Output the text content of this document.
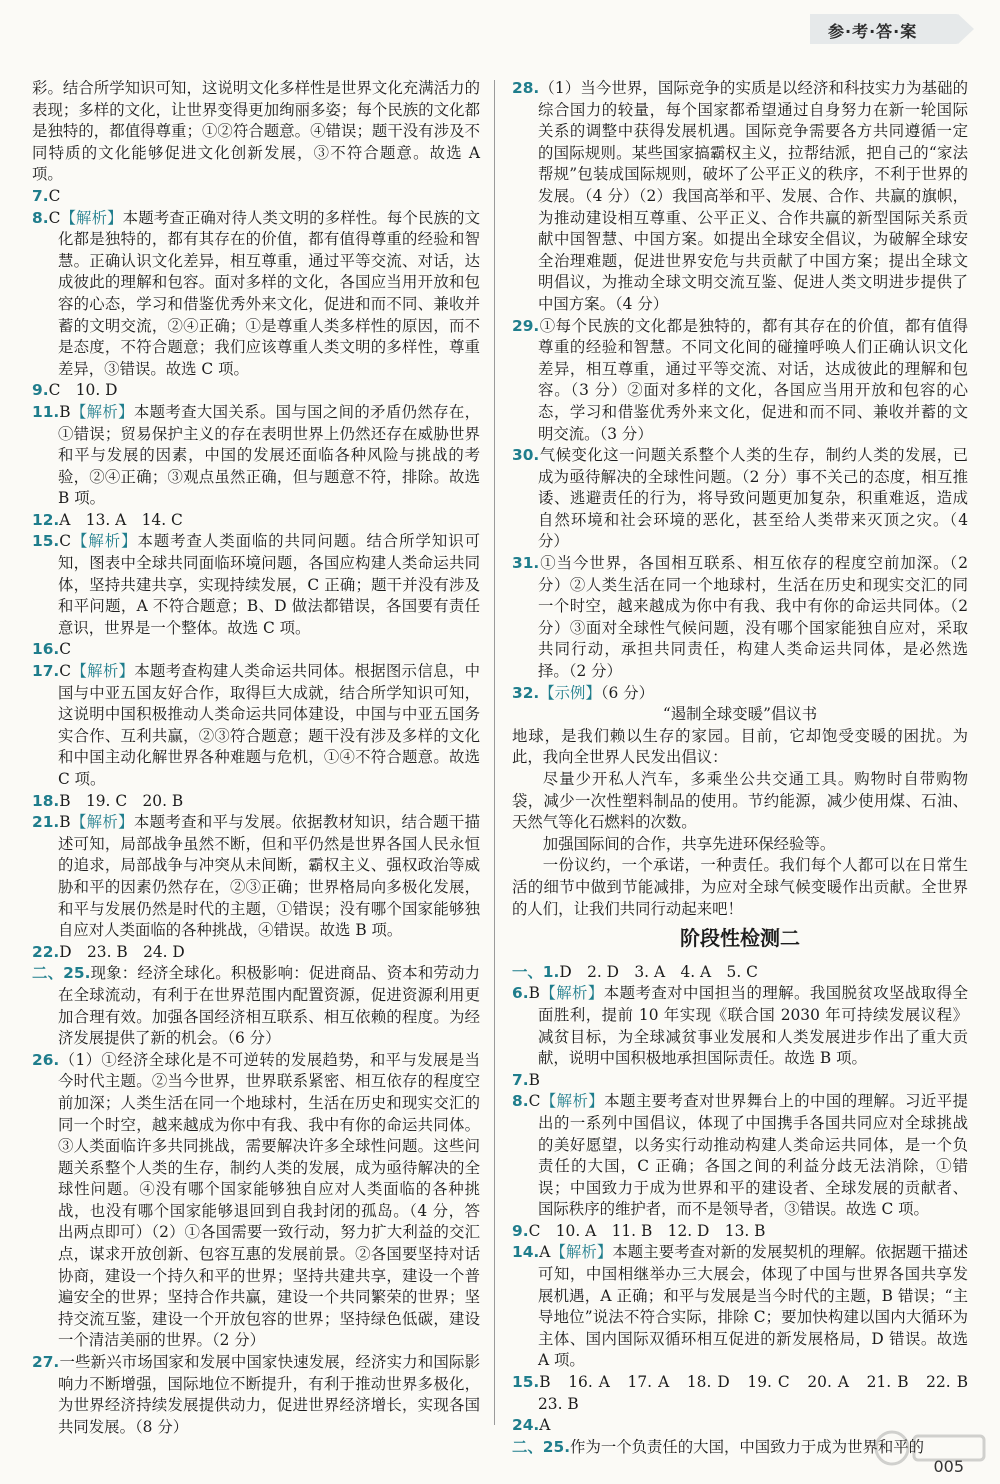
参·考·答·案

彩。结合所学知识可知，这说明文化多样性是世界文化充满活力的表现；多样的文化，让世界变得更加绚丽多姿；每个民族的文化都是独特的，都值得尊重；①②符合题意。④错误；题干没有涉及不同特质的文化能够促进文化创新发展，③不符合题意。故选 A 项。

7.C

8.C【解析】本题考查正确对待人类文明的多样性。每个民族的文化都是独特的，都有其存在的价值，都有值得尊重的经验和智慧。正确认识文化差异，相互尊重，通过平等交流、对话，达成彼此的理解和包容。面对多样的文化，各国应当用开放和包容的心态，学习和借鉴优秀外来文化，促进和而不同、兼收并蓄的文明交流，②④正确；①是尊重人类多样性的原因，而不是态度，不符合题意；我们应该尊重人类文明的多样性，尊重差异，③错误。故选 C 项。

9.C　10. D

11.B【解析】本题考查大国关系。国与国之间的矛盾仍然存在，①错误；贸易保护主义的存在表明世界上仍然还存在威胁世界和平与发展的因素，中国的发展还面临各种风险与挑战的考验，②④正确；③观点虽然正确，但与题意不符，排除。故选 B 项。

12.A　13. A　14. C

15.C【解析】本题考查人类面临的共同问题。结合所学知识可知，图表中全球共同面临环境问题，各国应构建人类命运共同体，坚持共建共享，实现持续发展，C 正确；题干并没有涉及和平问题，A 不符合题意；B、D 做法都错误，各国要有责任意识，世界是一个整体。故选 C 项。

16.C

17.C【解析】本题考查构建人类命运共同体。根据图示信息，中国与中亚五国友好合作，取得巨大成就，结合所学知识可知，这说明中国积极推动人类命运共同体建设，中国与中亚五国务实合作、互利共赢，②③符合题意；题干没有涉及多样的文化和中国主动化解世界各种难题与危机，①④不符合题意。故选 C 项。

18.B　19. C　20. B

21.B【解析】本题考查和平与发展。依据教材知识，结合题干描述可知，局部战争虽然不断，但和平仍然是世界各国人民永恒的追求，局部战争与冲突从未间断，霸权主义、强权政治等威胁和平的因素仍然存在，②③正确；世界格局向多极化发展，和平与发展仍然是时代的主题，①错误；没有哪个国家能够独自应对人类面临的各种挑战，④错误。故选 B 项。

22.D　23. B　24. D

二、25.现象：经济全球化。积极影响：促进商品、资本和劳动力在全球流动，有利于在世界范围内配置资源，促进资源利用更加合理有效。加强各国经济相互联系、相互依赖的程度。为经济发展提供了新的机会。（6 分）

26.（1）①经济全球化是不可逆转的发展趋势，和平与发展是当今时代主题。②当今世界，世界联系紧密、相互依存的程度空前加深；人类生活在同一个地球村，生活在历史和现实交汇的同一个时空，越来越成为你中有我、我中有你的命运共同体。③人类面临许多共同挑战，需要解决许多全球性问题。这些问题关系整个人类的生存，制约人类的发展，成为亟待解决的全球性问题。④没有哪个国家能够独自应对人类面临的各种挑战，也没有哪个国家能够退回到自我封闭的孤岛。（4 分，答出两点即可）（2）①各国需要一致行动，努力扩大利益的交汇点，谋求开放创新、包容互惠的发展前景。②各国要坚持对话协商，建设一个持久和平的世界；坚持共建共享，建设一个普遍安全的世界；坚持合作共赢，建设一个共同繁荣的世界；坚持交流互鉴，建设一个开放包容的世界；坚持绿色低碳，建设一个清洁美丽的世界。（2 分）

27.一些新兴市场国家和发展中国家快速发展，经济实力和国际影响力不断增强，国际地位不断提升，有利于推动世界多极化，为世界经济持续发展提供动力，促进世界经济增长，实现各国共同发展。（8 分）

28.（1）当今世界，国际竞争的实质是以经济和科技实力为基础的综合国力的较量，每个国家都希望通过自身努力在新一轮国际关系的调整中获得发展机遇。国际竞争需要各方共同遵循一定的国际规则。某些国家搞霸权主义，拉帮结派，把自己的“家法帮规”包装成国际规则，破坏了公平正义的秩序，不利于世界的发展。（4 分）（2）我国高举和平、发展、合作、共赢的旗帜，为推动建设相互尊重、公平正义、合作共赢的新型国际关系贡献中国智慧、中国方案。如提出全球安全倡议，为破解全球安全治理难题，促进世界安危与共贡献了中国方案；提出全球文明倡议，为推动全球文明交流互鉴、促进人类文明进步提供了中国方案。（4 分）

29.①每个民族的文化都是独特的，都有其存在的价值，都有值得尊重的经验和智慧。不同文化间的碰撞呼唤人们正确认识文化差异，相互尊重，通过平等交流、对话，达成彼此的理解和包容。（3 分）②面对多样的文化，各国应当用开放和包容的心态，学习和借鉴优秀外来文化，促进和而不同、兼收并蓄的文明交流。（3 分）

30.气候变化这一问题关系整个人类的生存，制约人类的发展，已成为亟待解决的全球性问题。（2 分）事不关己的态度，相互推诿、逃避责任的行为，将导致问题更加复杂，积重难返，造成自然环境和社会环境的恶化，甚至给人类带来灭顶之灾。（4 分）

31.①当今世界，各国相互联系、相互依存的程度空前加深。（2 分）②人类生活在同一个地球村，生活在历史和现实交汇的同一个时空，越来越成为你中有我、我中有你的命运共同体。（2 分）③面对全球性气候问题，没有哪个国家能独自应对，采取共同行动，承担共同责任，构建人类命运共同体，是必然选择。（2 分）

32.【示例】（6 分）

“遏制全球变暖”倡议书

地球，是我们赖以生存的家园。目前，它却饱受变暖的困扰。为此，我向全世界人民发出倡议：

尽量少开私人汽车，多乘坐公共交通工具。购物时自带购物袋，减少一次性塑料制品的使用。节约能源，减少使用煤、石油、天然气等化石燃料的次数。

加强国际间的合作，共享先进环保经验等。

一份议约，一个承诺，一种责任。我们每个人都可以在日常生活的细节中做到节能减排，为应对全球气候变暖作出贡献。全世界的人们，让我们共同行动起来吧！

阶段性检测二

一、1.D　2. D　3. A　4. A　5. C

6.B【解析】本题考查对中国担当的理解。我国脱贫攻坚战取得全面胜利，提前 10 年实现《联合国 2030 年可持续发展议程》减贫目标，为全球减贫事业发展和人类发展进步作出了重大贡献，说明中国积极地承担国际责任。故选 B 项。

7.B

8.C【解析】本题主要考查对世界舞台上的中国的理解。习近平提出的一系列中国倡议，体现了中国携手各国共同应对全球挑战的美好愿望，以务实行动推动构建人类命运共同体，是一个负责任的大国，C 正确；各国之间的利益分歧无法消除，①错误；中国致力于成为世界和平的建设者、全球发展的贡献者、国际秩序的维护者，而不是领导者，③错误。故选 C 项。

9.C　10. A　11. B　12. D　13. B

14.A【解析】本题主要考查对新的发展契机的理解。依据题干描述可知，中国相继举办三大展会，体现了中国与世界各国共享发展机遇，A 正确；和平与发展是当今时代的主题，B 错误；“主导地位”说法不符合实际，排除 C；要加快构建以国内大循环为主体、国内国际双循环相互促进的新发展格局，D 错误。故选 A 项。

15.B　16. A　17. A　18. D　19. C　20. A　21. B　22. B　23. B

24.A

二、25.作为一个负责任的大国，中国致力于成为世界和平的

005
